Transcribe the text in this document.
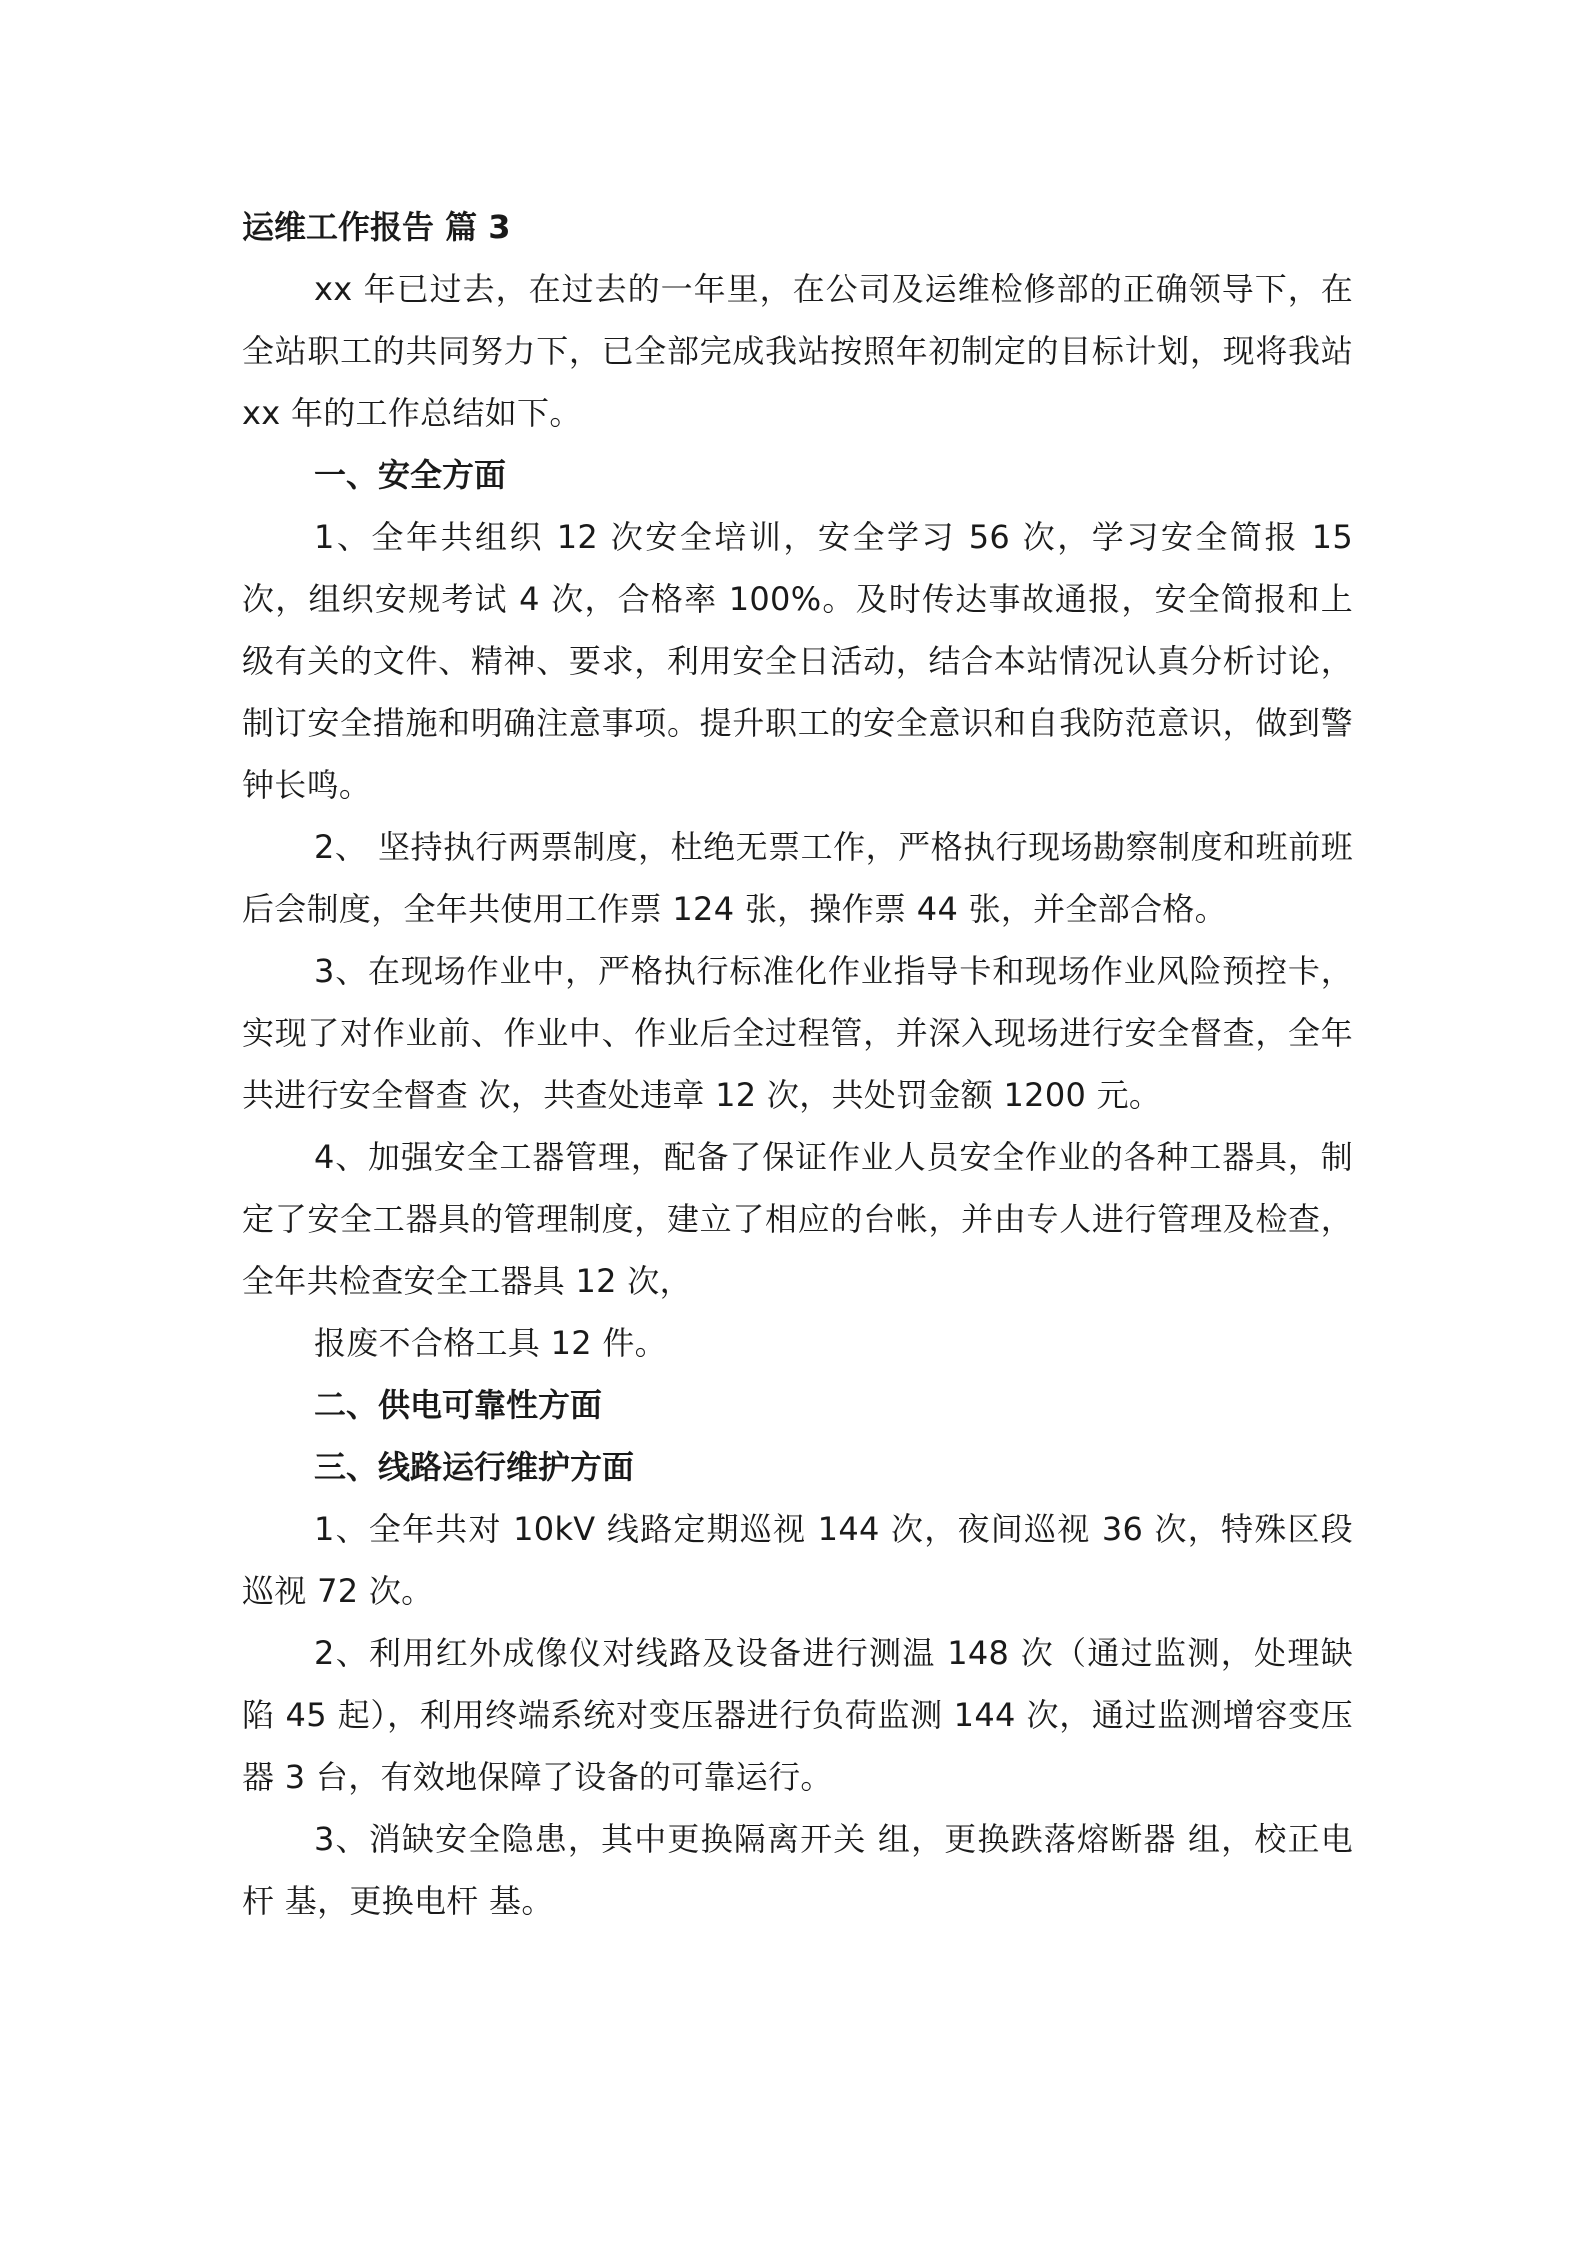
运维工作报告 篇 3

xx 年已过去，在过去的一年里，在公司及运维检修部的正确领导下，在全站职工的共同努力下，已全部完成我站按照年初制定的目标计划，现将我站 xx 年的工作总结如下。

一、安全方面

1、全年共组织 12 次安全培训，安全学习 56 次，学习安全简报 15 次，组织安规考试 4 次，合格率 100%。及时传达事故通报，安全简报和上级有关的文件、精神、要求，利用安全日活动，结合本站情况认真分析讨论，制订安全措施和明确注意事项。提升职工的安全意识和自我防范意识，做到警钟长鸣。

2、 坚持执行两票制度，杜绝无票工作，严格执行现场勘察制度和班前班后会制度，全年共使用工作票 124 张，操作票 44 张，并全部合格。

3、在现场作业中，严格执行标准化作业指导卡和现场作业风险预控卡，实现了对作业前、作业中、作业后全过程管，并深入现场进行安全督查，全年共进行安全督查 次，共查处违章 12 次，共处罚金额 1200 元。

4、加强安全工器管理，配备了保证作业人员安全作业的各种工器具，制定了安全工器具的管理制度，建立了相应的台帐，并由专人进行管理及检查，全年共检查安全工器具 12 次，

报废不合格工具 12 件。

二、供电可靠性方面

三、线路运行维护方面

1、全年共对 10kV 线路定期巡视 144 次，夜间巡视 36 次，特殊区段巡视 72 次。

2、利用红外成像仪对线路及设备进行测温 148 次（通过监测，处理缺陷 45 起），利用终端系统对变压器进行负荷监测 144 次，通过监测增容变压器 3 台，有效地保障了设备的可靠运行。

3、消缺安全隐患，其中更换隔离开关 组，更换跌落熔断器 组，校正电杆 基，更换电杆 基。
